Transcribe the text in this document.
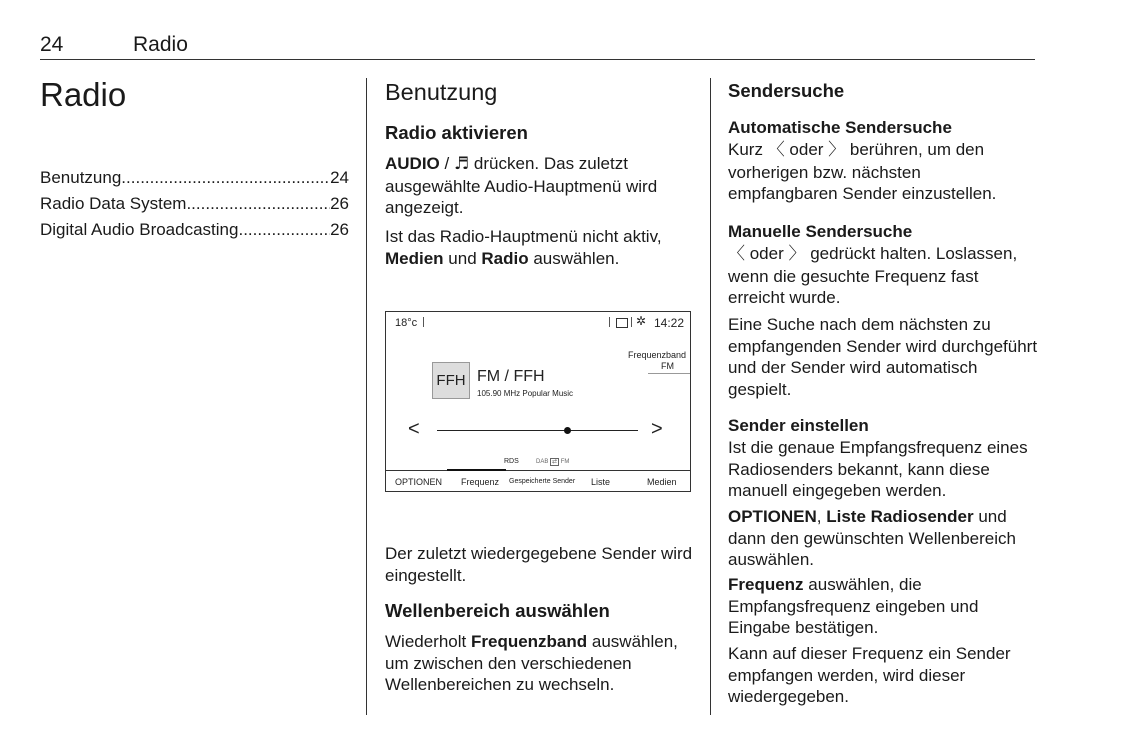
24	Radio
Radio
Benutzung .....	24
Radio Data System .....	26
Digital Audio Broadcasting .....	26
Benutzung
Radio aktivieren
AUDIO / ♬ drücken. Das zuletzt ausgewählte Audio-Hauptmenü wird angezeigt.
Ist das Radio-Hauptmenü nicht aktiv, Medien und Radio auswählen.
18°c	✲ 14:22
Frequenzband
FM
FFH FM / FFH
105.90 MHz Popular Music
<	>
RDS	DAB ⇄ FM
OPTIONEN Frequenz Gespeicherte Sender Liste	Medien
Der zuletzt wiedergegebene Sender wird eingestellt.
Wellenbereich auswählen
Wiederholt Frequenzband auswählen, um zwischen den verschiedenen Wellenbereichen zu wechseln.
Sendersuche
Automatische Sendersuche
Kurz 〈 oder 〉 berühren, um den vorherigen bzw. nächsten empfangbaren Sender einzustellen.
Manuelle Sendersuche
〈 oder 〉 gedrückt halten. Loslassen, wenn die gesuchte Frequenz fast erreicht wurde.
Eine Suche nach dem nächsten zu empfangenden Sender wird durchgeführt und der Sender wird automatisch gespielt.
Sender einstellen
Ist die genaue Empfangsfrequenz eines Radiosenders bekannt, kann diese manuell eingegeben werden.
OPTIONEN, Liste Radiosender und dann den gewünschten Wellenbereich auswählen.
Frequenz auswählen, die Empfangsfrequenz eingeben und Eingabe bestätigen.
Kann auf dieser Frequenz ein Sender empfangen werden, wird dieser wiedergegeben.
